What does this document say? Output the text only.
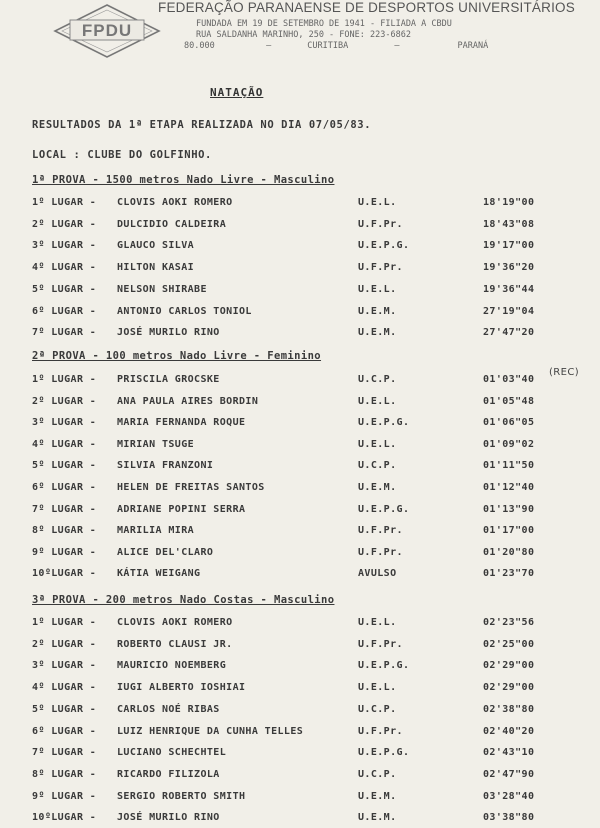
FPDU
FEDERAÇÃO PARANAENSE DE DESPORTOS UNIVERSITÁRIOS
FUNDADA EM 19 DE SETEMBRO DE 1941 - FILIADA A CBDU
RUA SALDANHA MARINHO, 250 - FONE: 223-6862
80.000	—	CURITIBA	—	PARANÁ
NATAÇÃO
RESULTADOS DA 1ª ETAPA REALIZADA NO DIA 07/05/83.
LOCAL : CLUBE DO GOLFINHO.
1ª PROVA - 1500 metros Nado Livre - Masculino
1º LUGAR - CLOVIS AOKI ROMERO	U.E.L.	18'19"00
2º LUGAR - DULCIDIO CALDEIRA	U.F.Pr.	18'43"08
3º LUGAR - GLAUCO SILVA	U.E.P.G.	19'17"00
4º LUGAR - HILTON KASAI	U.F.Pr.	19'36"20
5º LUGAR - NELSON SHIRABE	U.E.L.	19'36"44
6º LUGAR - ANTONIO CARLOS TONIOL	U.E.M.	27'19"04
7º LUGAR - JOSÉ MURILO RINO	U.E.M.	27'47"20
2ª PROVA - 100 metros Nado Livre - Feminino
1º LUGAR - PRISCILA GROCSKE	U.C.P.	01'03"40
(REC)
2º LUGAR - ANA PAULA AIRES BORDIN	U.E.L.	01'05"48
3º LUGAR - MARIA FERNANDA ROQUE	U.E.P.G.	01'06"05
4º LUGAR - MIRIAN TSUGE	U.E.L.	01'09"02
5º LUGAR - SILVIA FRANZONI	U.C.P.	01'11"50
6º LUGAR - HELEN DE FREITAS SANTOS	U.E.M.	01'12"40
7º LUGAR - ADRIANE POPINI SERRA	U.E.P.G.	01'13"90
8º LUGAR - MARILIA MIRA	U.F.Pr.	01'17"00
9º LUGAR - ALICE DEL'CLARO	U.F.Pr.	01'20"80
10ºLUGAR - KÁTIA WEIGANG	AVULSO	01'23"70
3ª PROVA - 200 metros Nado Costas - Masculino
1º LUGAR - CLOVIS AOKI ROMERO	U.E.L.	02'23"56
2º LUGAR - ROBERTO CLAUSI JR.	U.F.Pr.	02'25"00
3º LUGAR - MAURICIO NOEMBERG	U.E.P.G.	02'29"00
4º LUGAR - IUGI ALBERTO IOSHIAI	U.E.L.	02'29"00
5º LUGAR - CARLOS NOÉ RIBAS	U.C.P.	02'38"80
6º LUGAR - LUIZ HENRIQUE DA CUNHA TELLES	U.F.Pr.	02'40"20
7º LUGAR - LUCIANO SCHECHTEL	U.E.P.G.	02'43"10
8º LUGAR - RICARDO FILIZOLA	U.C.P.	02'47"90
9º LUGAR - SERGIO ROBERTO SMITH	U.E.M.	03'28"40
10ºLUGAR - JOSÉ MURILO RINO	U.E.M.	03'38"80
